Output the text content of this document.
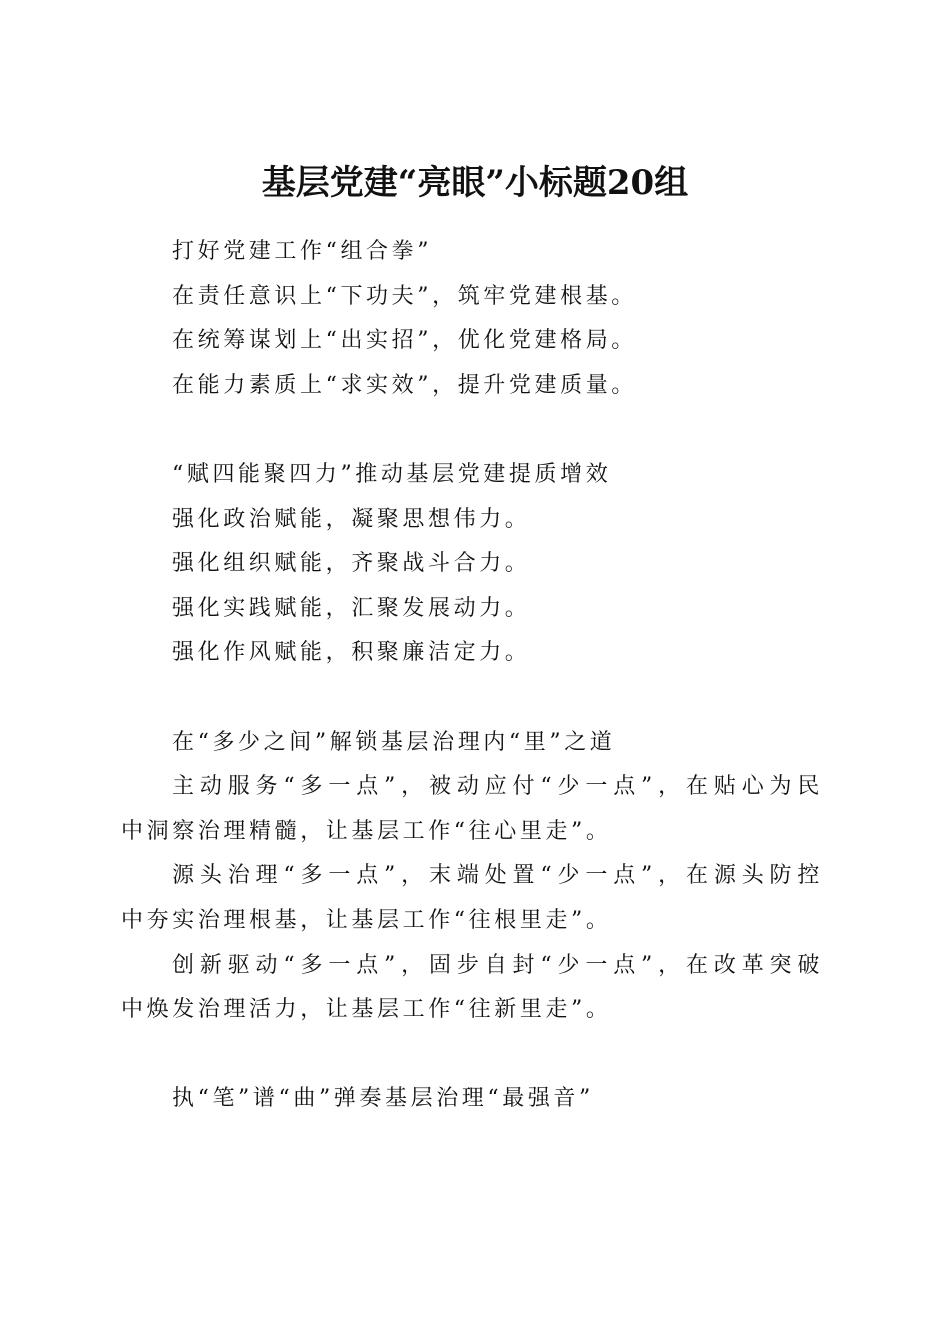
基层党建“亮眼”小标题20组

打好党建工作“组合拳”

在责任意识上“下功夫”，筑牢党建根基。

在统筹谋划上“出实招”，优化党建格局。

在能力素质上“求实效”，提升党建质量。

“赋四能聚四力”推动基层党建提质增效

强化政治赋能，凝聚思想伟力。

强化组织赋能，齐聚战斗合力。

强化实践赋能，汇聚发展动力。

强化作风赋能，积聚廉洁定力。

在“多少之间”解锁基层治理内“里”之道

主动服务“多一点”，被动应付“少一点”，在贴心为民
中洞察治理精髓，让基层工作“往心里走”。

源头治理“多一点”，末端处置“少一点”，在源头防控
中夯实治理根基，让基层工作“往根里走”。

创新驱动“多一点”，固步自封“少一点”，在改革突破
中焕发治理活力，让基层工作“往新里走”。

执“笔”谱“曲”弹奏基层治理“最强音”
